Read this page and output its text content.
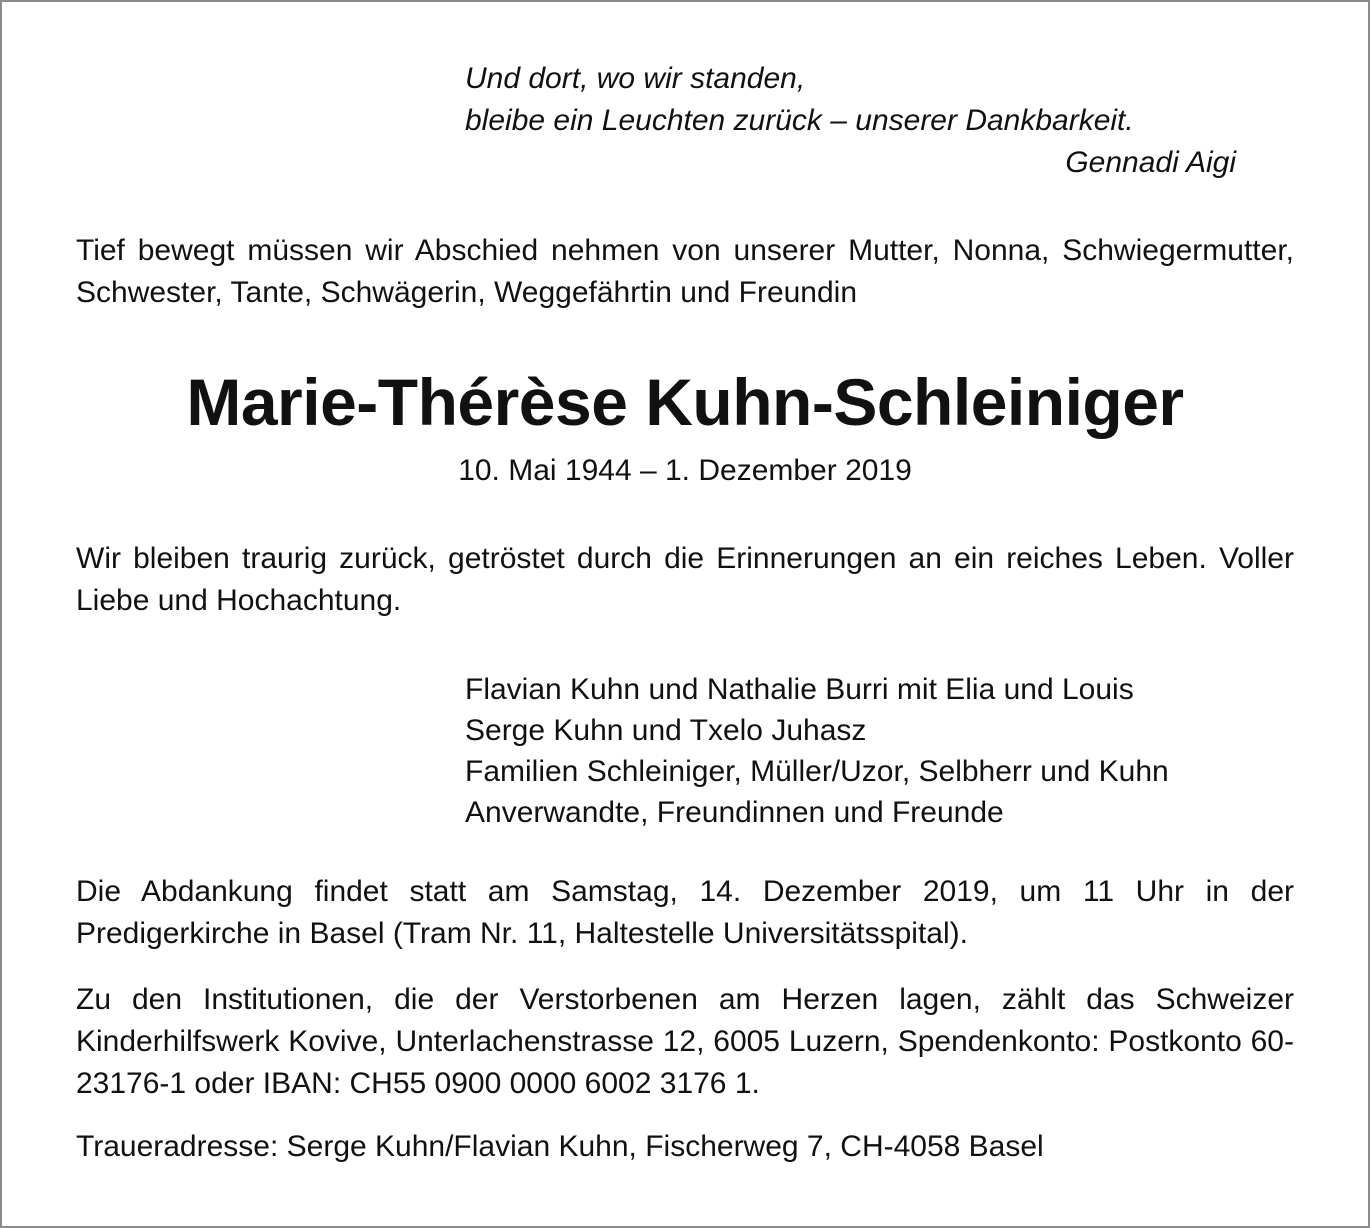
Und dort, wo wir standen,
bleibe ein Leuchten zurück – unserer Dankbarkeit.
Gennadi Aigi
Tief bewegt müssen wir Abschied nehmen von unserer Mutter, Nonna, Schwiegermutter, Schwester, Tante, Schwägerin, Weggefährtin und Freundin
Marie-Thérèse Kuhn-Schleiniger
10. Mai 1944 – 1. Dezember 2019
Wir bleiben traurig zurück, getröstet durch die Erinnerungen an ein reiches Leben. Voller Liebe und Hochachtung.
Flavian Kuhn und Nathalie Burri mit Elia und Louis
Serge Kuhn und Txelo Juhasz
Familien Schleiniger, Müller/Uzor, Selbherr und Kuhn
Anverwandte, Freundinnen und Freunde
Die Abdankung findet statt am Samstag, 14. Dezember 2019, um 11 Uhr in der Predigerkirche in Basel (Tram Nr. 11, Haltestelle Universitätsspital).
Zu den Institutionen, die der Verstorbenen am Herzen lagen, zählt das Schweizer Kinderhilfswerk Kovive, Unterlachenstrasse 12, 6005 Luzern, Spendenkonto: Postkonto 60-23176-1 oder IBAN: CH55 0900 0000 6002 3176 1.
Traueradresse: Serge Kuhn/Flavian Kuhn, Fischerweg 7, CH-4058 Basel
